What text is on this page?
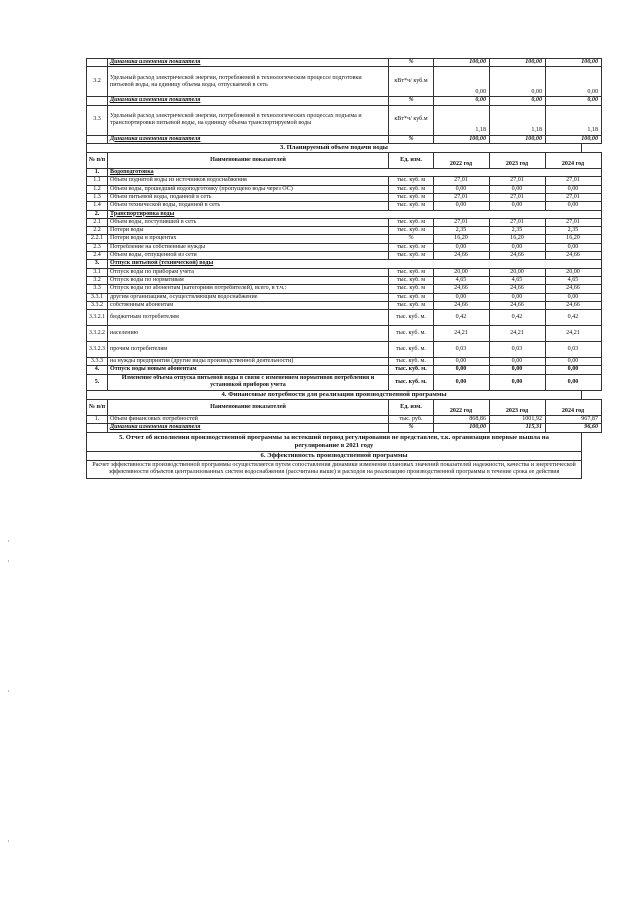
	Динамика изменения показателя	%	100,00	100,00	100,00
3.2	Удельный расход электрической энергии, потребляемой в технологическом процессе подготовки питьевой воды, на единицу объема воды, отпускаемой в сеть	кВт*ч/ куб.м	0,00	0,00	0,00
	Динамика изменения показателя	%	0,00	0,00	0,00
3.3	Удельный расход электрической энергии, потребляемой в технологических процессах подъема и транспортировки питьевой воды, на единицу объема транспортируемой воды	кВт*ч/ куб.м	1,18	1,18	1,18
	Динамика изменения показателя	%	100,00	100,00	100,00
3. Планируемый объем подачи воды
№ п/п	Наименование показателей	Ед. изм.	2022 год	2023 год	2024 год
1.	Водоподготовка				
1.1	Объем поднятой воды из источников водоснабжения	тыс. куб. м	27,01	27,01	27,01
1.2	Объем воды, прошедший водоподготовку (пропущено воды через ОС)	тыс. куб. м	0,00	0,00	0,00
1.3	Объем питьевой воды, поданной в сеть	тыс. куб. м	27,01	27,01	27,01
1.4	Объем технической воды, поданной в сеть	тыс. куб. м	0,00	0,00	0,00
2.	Транспортировка воды				
2.1	Объем воды, поступившей в сеть	тыс. куб. м	27,01	27,01	27,01
2.2	Потери воды	тыс. куб. м	2,35	2,35	2,35
2.2.1	Потери воды в процентах	%	16,20	16,20	16,20
2.3	Потребление на собственные нужды	тыс. куб. м	0,00	0,00	0,00
2.4	Объем воды, отпущенной из сети	тыс. куб. м	24,66	24,66	24,66
3.	Отпуск питьевой (технической) воды				
3.1	Отпуск воды по приборам учета	тыс. куб. м	20,00	20,00	20,00
3.2	Отпуск воды по нормативам	тыс. куб. м	4,65	4,65	4,65
3.3	Отпуск воды по абонентам (категориям потребителей), всего, в т.ч.:	тыс. куб. м	24,66	24,66	24,66
3.3.1	другим организациям, осуществляющим водоснабжение	тыс. куб. м	0,00	0,00	0,00
3.3.2	собственным абонентам	тыс. куб. м	24,66	24,66	24,66
3.3.2.1	бюджетным потребителям	тыс. куб. м.	0,42	0,42	0,42
3.3.2.2	населению	тыс. куб. м.	24,21	24,21	24,21
3.3.2.3	прочим потребителям	тыс. куб. м.	0,03	0,03	0,03
3.3.3	на нужды предприятия (другие виды производственной деятельности)	тыс. куб. м.	0,00	0,00	0,00
4.	Отпуск воды новым абонентам	тыс. куб. м.	0,00	0,00	0,00
5.	Изменение объема отпуска питьевой воды в связи с изменением нормативов потребления и установкой приборов учета	тыс. куб. м.	0,00	0,00	0,00
4. Финансовые потребности для реализации производственной программы
№ п/п	Наименование показателей	Ед. изм.	2022 год	2023 год	2024 год
1.	Объем финансовых потребностей	тыс. руб.	868,86	1001,92	967,87
	Динамика изменения показателя	%	100,00	115,31	96,60
5. Отчет об исполнении производственной программы за истекший период регулирования не представлен, т.к. организация впервые вышла на регулирование в 2021 году
6. Эффективность производственной программы
Расчет эффективности производственной программы осуществляется путем сопоставления динамики изменения плановых значений показателей надежности, качества и энергетической эффективности объектов централизованных систем водоснабжения (рассчитаны выше) и расходов на реализацию производственной программы в течение срока ее действия
